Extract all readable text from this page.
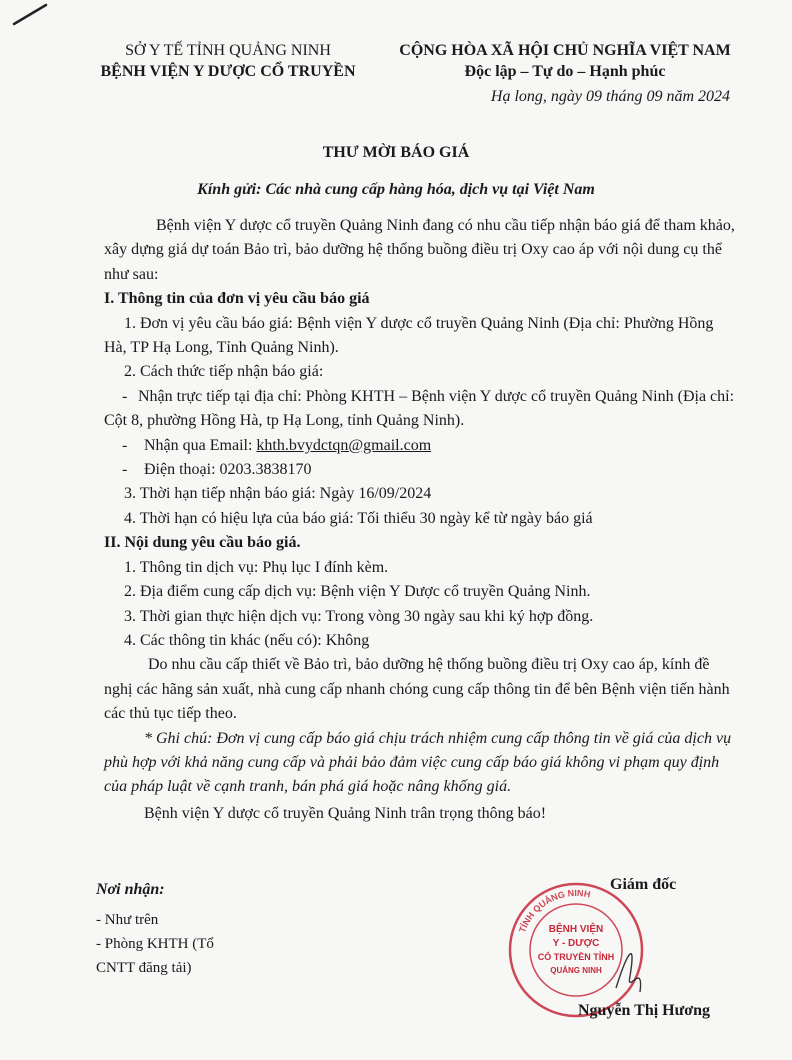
SỞ Y TẾ TỈNH QUẢNG NINH
BỆNH VIỆN Y DƯỢC CỔ TRUYỀN
CỘNG HÒA XÃ HỘI CHỦ NGHĨA VIỆT NAM
Độc lập – Tự do – Hạnh phúc
Hạ long, ngày 09 tháng 09 năm 2024
THƯ MỜI BÁO GIÁ
Kính gửi: Các nhà cung cấp hàng hóa, dịch vụ tại Việt Nam

Bệnh viện Y dược cổ truyền Quảng Ninh đang có nhu cầu tiếp nhận báo giá để tham khảo, xây dựng giá dự toán Bảo trì, bảo dưỡng hệ thống buồng điều trị Oxy cao áp với nội dung cụ thể như sau:

I. Thông tin của đơn vị yêu cầu báo giá

1. Đơn vị yêu cầu báo giá: Bệnh viện Y dược cổ truyền Quảng Ninh (Địa chỉ: Phường Hồng Hà, TP Hạ Long, Tỉnh Quảng Ninh).

2. Cách thức tiếp nhận báo giá:

- Nhận trực tiếp tại địa chỉ: Phòng KHTH – Bệnh viện Y dược cổ truyền Quảng Ninh (Địa chỉ: Cột 8, phường Hồng Hà, tp Hạ Long, tỉnh Quảng Ninh).

-	Nhận qua Email: khth.bvydctqn@gmail.com
-	Điện thoại: 0203.3838170

3. Thời hạn tiếp nhận báo giá: Ngày 16/09/2024

4. Thời hạn có hiệu lựa của báo giá: Tối thiểu 30 ngày kể từ ngày báo giá

II. Nội dung yêu cầu báo giá.

1. Thông tin dịch vụ: Phụ lục I đính kèm.

2. Địa điểm cung cấp dịch vụ: Bệnh viện Y Dược cổ truyền Quảng Ninh.

3. Thời gian thực hiện dịch vụ: Trong vòng 30 ngày sau khi ký hợp đồng.

4. Các thông tin khác (nếu có): Không

Do nhu cầu cấp thiết về Bảo trì, bảo dưỡng hệ thống buồng điều trị Oxy cao áp, kính đề nghị các hãng sản xuất, nhà cung cấp nhanh chóng cung cấp thông tin để bên Bệnh viện tiến hành các thủ tục tiếp theo.

* Ghi chú: Đơn vị cung cấp báo giá chịu trách nhiệm cung cấp thông tin về giá của dịch vụ phù hợp với khả năng cung cấp và phải bảo đảm việc cung cấp báo giá không vi phạm quy định của pháp luật về cạnh tranh, bán phá giá hoặc nâng khống giá.

Bệnh viện Y dược cổ truyền Quảng Ninh trân trọng thông báo!

Nơi nhận:
- Như trên
- Phòng KHTH (Tổ
CNTT đăng tải)
TỈNH QUẢNG NINH
BỆNH VIỆN
Y - DƯỢC
CỔ TRUYỀN TỈNH
QUẢNG NINH
Giám đốc
Nguyễn Thị Hương
